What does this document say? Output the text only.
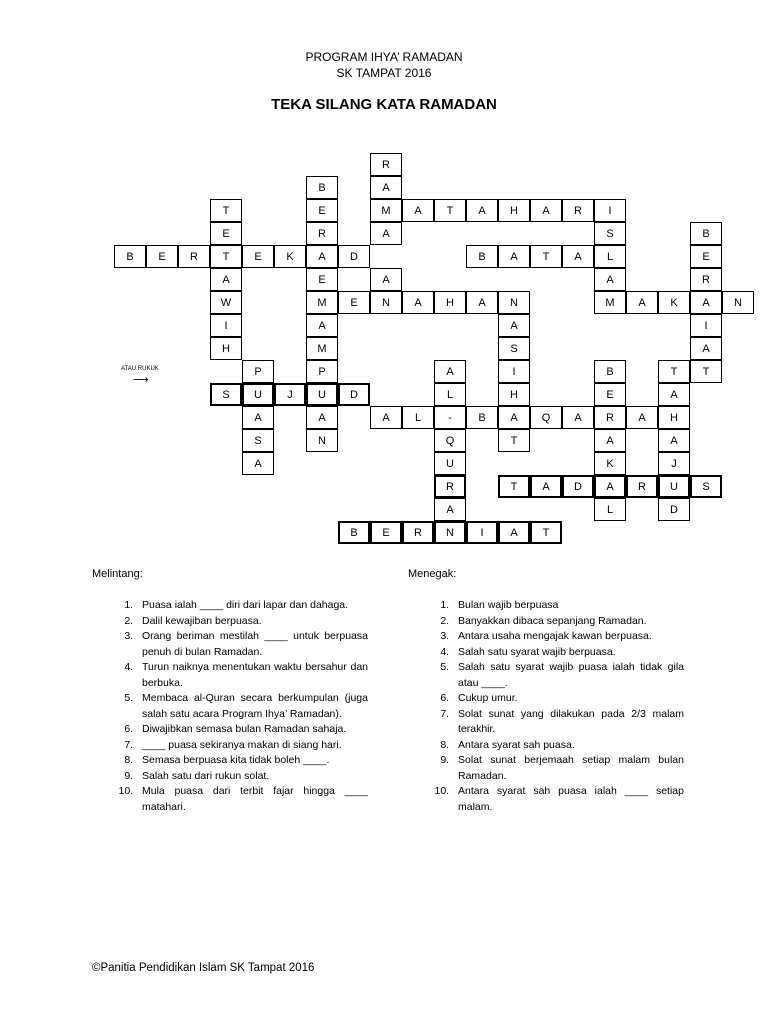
PROGRAM IHYA’ RAMADAN
SK TAMPAT 2016
TEKA SILANG KATA RAMADAN
R
B	A
T	E	M	A	T	A	H	A	R	I
E	R	A	S	B
B	E	R	T	E	K	A	D	B	A	T	A	L	E
A	E	A	A	R
W	M	E	N	A	H	A	N	M	A	K	A	N
I	A	A	I
H	M	S	A
P	P	A	I	B	T	T
S	U	J	U	D	L	H	E	A
A	A	A	L	-	B	A	Q	A	R	A	H
S	N	Q	T	A	A
A	U	K	J
R	T	A	D	A	R	U	S
A	L	D
B	E	R	N	I	A	T
ATAU RUKUK
⟶
Melintang:
1. Puasa ialah ____ diri dari lapar dan dahaga.
2. Dalil kewajiban berpuasa.
3. Orang beriman mestilah ____ untuk berpuasa penuh di bulan Ramadan.
4. Turun naiknya menentukan waktu bersahur dan berbuka.
5. Membaca al-Quran secara berkumpulan (juga salah satu acara Program Ihya’ Ramadan).
6. Diwajibkan semasa bulan Ramadan sahaja.
7. ____ puasa sekiranya makan di siang hari.
8. Semasa berpuasa kita tidak boleh ____.
9. Salah satu dari rukun solat.
10. Mula puasa dari terbit fajar hingga ____ matahari.
Menegak:
1. Bulan wajib berpuasa
2. Banyakkan dibaca sepanjang Ramadan.
3. Antara usaha mengajak kawan berpuasa.
4. Salah satu syarat wajib berpuasa.
5. Salah satu syarat wajib puasa ialah tidak gila atau ____.
6. Cukup umur.
7. Solat sunat yang dilakukan pada 2/3 malam terakhir.
8. Antara syarat sah puasa.
9. Solat sunat berjemaah setiap malam bulan Ramadan.
10. Antara syarat sah puasa ialah ____ setiap malam.
©Panitia Pendidikan Islam SK Tampat 2016
